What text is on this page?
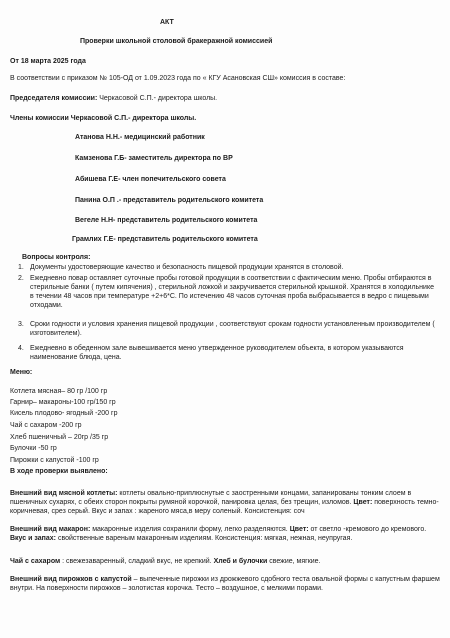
АКТ
Проверки школьной столовой бракеражной комиссией
От 18 марта 2025 года
В соответствии с приказом № 105-ОД от 1.09.2023 года по « КГУ Асановская СШ» комиссия в составе:
Председателя комиссии: Черкасовой С.П.- директора школы.
Члены комиссии Черкасовой С.П.- директора школы.
Атанова Н.Н.- медицинский работник
Камзенова Г.Б- заместитель директора по ВР
Абишева Г.Е- член попечительского совета
Панина О.П .- представитель родительского комитета
Вегеле Н.Н- представитель родительского комитета
Грамлих Г.Е- представитель родительского комитета
Вопросы контроля:
1. Документы удостоверяющие качество и безопасность пищевой продукции хранятся в столовой.
2. Ежедневно повар оставляет суточные пробы готовой продукции в соответствии с фактическим меню. Пробы отбираются в стерильные банки ( путем кипячения) , стерильной ложкой и закручивается стерильной крышкой. Хранятся в холодильнике в течении 48 часов при температуре +2+6*С. По истечению 48 часов суточная проба выбрасывается в ведро с пищевыми отходами.
3. Сроки годности и условия хранения пищевой продукции , соответствуют срокам годности установленным производителем ( изготовителем).
4. Ежедневно в обеденном зале вывешивается меню утвержденное руководителем объекта, в котором указываются наименование блюда, цена.
Меню:
Котлета мясная– 80 гр /100 гр
Гарнир– макароны-100 гр/150 гр
Кисель плодово- ягодный -200 гр
Чай с сахаром -200 гр
Хлеб пшеничный – 20гр /35 гр
Булочки -50 гр
Пирожки с капустой -100 гр
В ходе проверки выявлено:
Внешний вид мясной котлеты: котлеты овально-приплюснутые с заостренными концами, запанированы тонким слоем в пшеничных сухарях, с обеих сторон покрыты румяной корочкой, панировка целая, без трещин, изломов. Цвет: поверхность темно-коричневая, срез серый. Вкус и запах : жареного мяса,в меру соленый. Консистенция: соч
Внешний вид макарон: макаронные изделия сохранили форму, легко разделяются. Цвет: от светло -кремового до кремового. Вкус и запах: свойственные вареным макаронным изделиям. Консистенция: мягкая, нежная, неупругая.
Чай с сахаром : свежезаваренный, сладкий вкус, не крепкий. Хлеб и булочки свежие, мягкие.
Внешний вид пирожков с капустой – выпеченные пирожки из дрожжевого сдобного теста овальной формы с капустным фаршем внутри. На поверхности пирожков – золотистая корочка. Тесто – воздушное, с мелкими порами.
